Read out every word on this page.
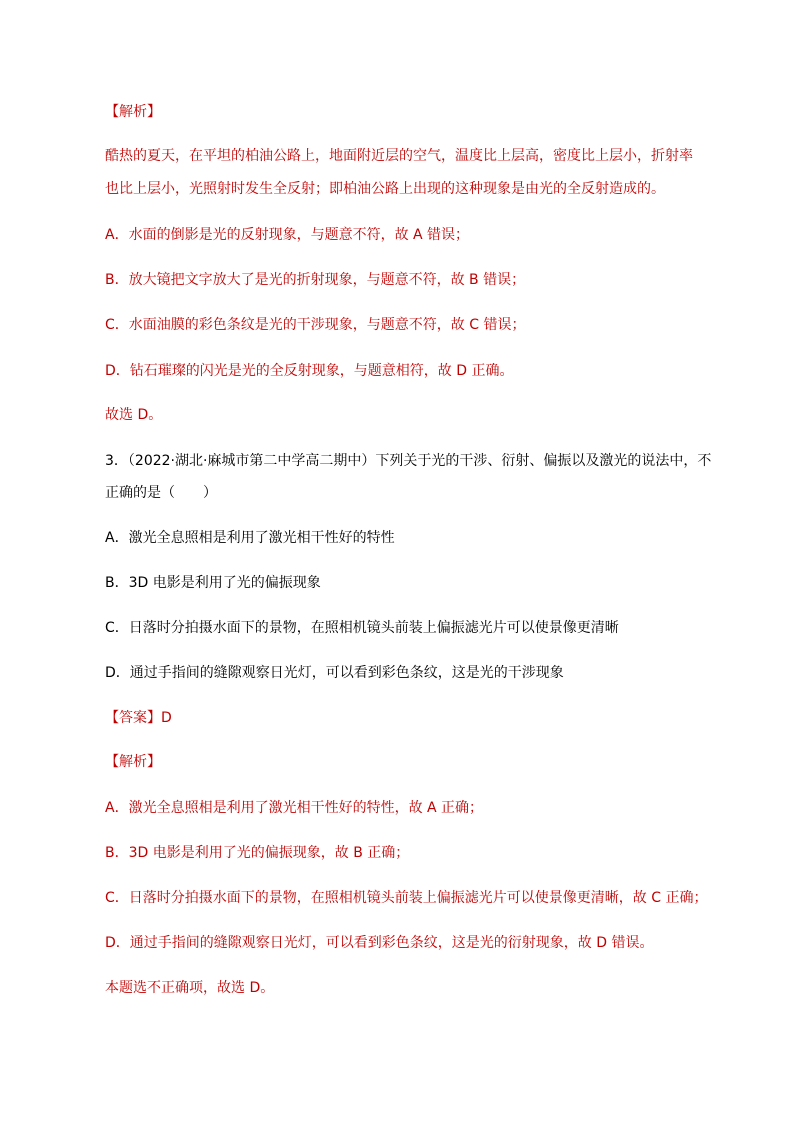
【解析】
酷热的夏天，在平坦的柏油公路上，地面附近层的空气，温度比上层高，密度比上层小，折射率
也比上层小，光照射时发生全反射；即柏油公路上出现的这种现象是由光的全反射造成的。
A．水面的倒影是光的反射现象，与题意不符，故 A 错误；
B．放大镜把文字放大了是光的折射现象，与题意不符，故 B 错误；
C．水面油膜的彩色条纹是光的干涉现象，与题意不符，故 C 错误；
D．钻石璀璨的闪光是光的全反射现象，与题意相符，故 D 正确。
故选 D。
3．（2022·湖北·麻城市第二中学高二期中）下列关于光的干涉、衍射、偏振以及激光的说法中，不
正确的是（　　）
A．激光全息照相是利用了激光相干性好的特性
B．3D 电影是利用了光的偏振现象
C．日落时分拍摄水面下的景物，在照相机镜头前装上偏振滤光片可以使景像更清晰
D．通过手指间的缝隙观察日光灯，可以看到彩色条纹，这是光的干涉现象
【答案】D
【解析】
A．激光全息照相是利用了激光相干性好的特性，故 A 正确；
B．3D 电影是利用了光的偏振现象，故 B 正确；
C．日落时分拍摄水面下的景物，在照相机镜头前装上偏振滤光片可以使景像更清晰，故 C 正确；
D．通过手指间的缝隙观察日光灯，可以看到彩色条纹，这是光的衍射现象，故 D 错误。
本题选不正确项，故选 D。
